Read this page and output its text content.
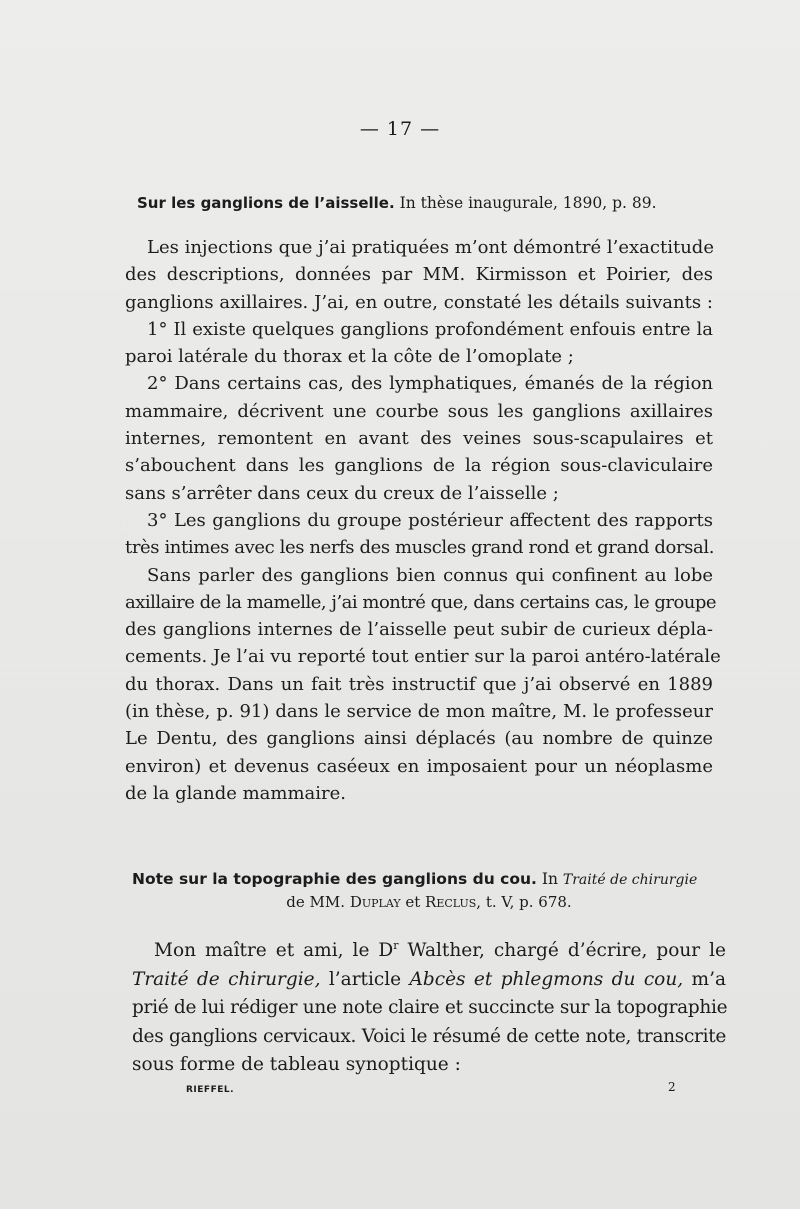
— 17 —
Sur les ganglions de l’aisselle. In thèse inaugurale, 1890, p. 89.
Les injections que j’ai pratiquées m’ont démontré l’exactitude
des descriptions, données par MM. Kirmisson et Poirier, des
ganglions axillaires. J’ai, en outre, constaté les détails suivants :
1° Il existe quelques ganglions profondément enfouis entre la
paroi latérale du thorax et la côte de l’omoplate ;
2° Dans certains cas, des lymphatiques, émanés de la région
mammaire, décrivent une courbe sous les ganglions axillaires
internes, remontent en avant des veines sous-scapulaires et
s’abouchent dans les ganglions de la région sous-claviculaire
sans s’arrêter dans ceux du creux de l’aisselle ;
3° Les ganglions du groupe postérieur affectent des rapports
très intimes avec les nerfs des muscles grand rond et grand dorsal.
Sans parler des ganglions bien connus qui confinent au lobe
axillaire de la mamelle, j’ai montré que, dans certains cas, le groupe
des ganglions internes de l’aisselle peut subir de curieux dépla-
cements. Je l’ai vu reporté tout entier sur la paroi antéro-latérale
du thorax. Dans un fait très instructif que j’ai observé en 1889
(in thèse, p. 91) dans le service de mon maître, M. le professeur
Le Dentu, des ganglions ainsi déplacés (au nombre de quinze
environ) et devenus caséeux en imposaient pour un néoplasme
de la glande mammaire.
Note sur la topographie des ganglions du cou. In Traité de chirurgie
de MM. Duplay et Reclus, t. V, p. 678.
Mon maître et ami, le $D^r$ Walther, chargé d’écrire, pour le
Traité de chirurgie, l’article Abcès et phlegmons du cou, m’a
prié de lui rédiger une note claire et succincte sur la topographie
des ganglions cervicaux. Voici le résumé de cette note, transcrite
sous forme de tableau synoptique :
RIEFFEL.	2
